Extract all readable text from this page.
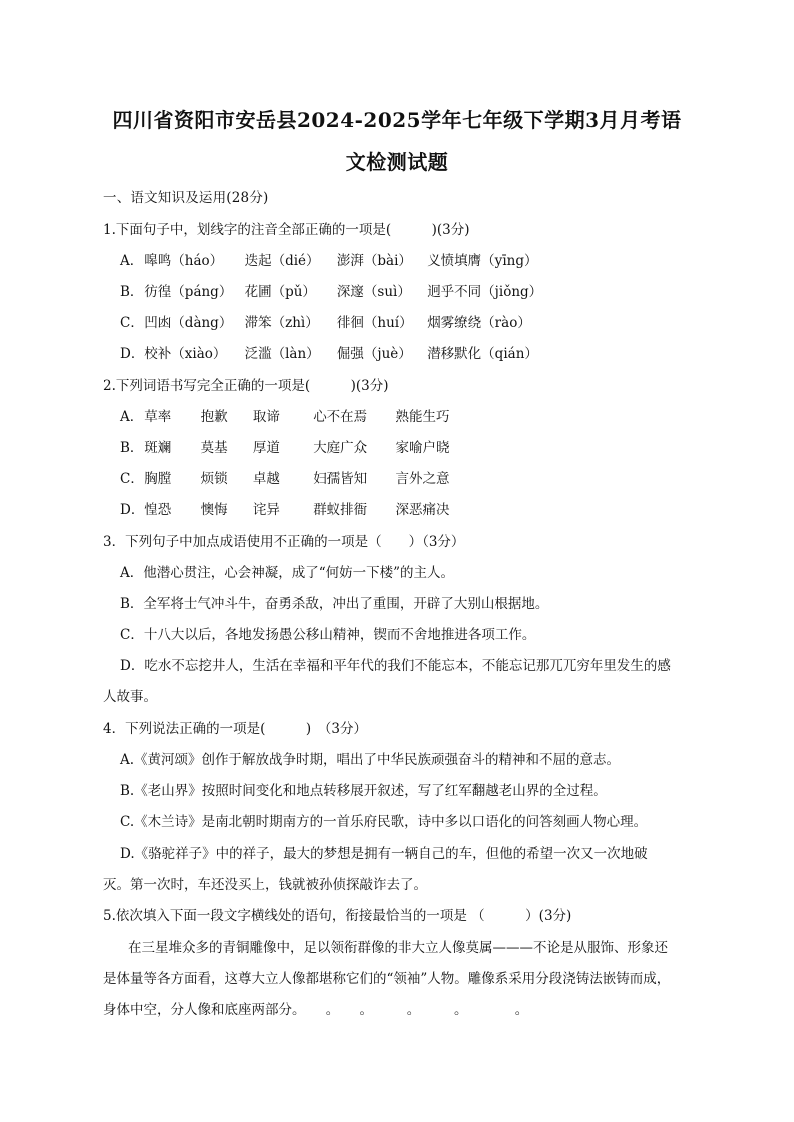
四川省资阳市安岳县2024-2025学年七年级下学期3月月考语
文检测试题
一、语文知识及运用(28分)
1.下面句子中，划线字的注音全部正确的一项是(　　　)(3分)
A． 嗥鸣（háo） 迭起（dié） 澎湃（bài） 义愤填膺（yīng）
B． 彷徨（páng） 花圃（pǔ） 深邃（suì） 迥乎不同（jiǒng）
C． 凹凼（dàng） 滞笨（zhì） 徘徊（huí） 烟雾缭绕（rào）
D． 校补（xiào） 泛滥（làn） 倔强（juè） 潜移默化（qián）
2.下列词语书写完全正确的一项是(　　　)(3分)
A． 草率 抱歉 取谛 心不在焉 熟能生巧
B． 斑斓 莫基 厚道 大庭广众 家喻户晓
C． 胸膛 烦锁 卓越 妇孺皆知 言外之意
D． 惶恐 懊悔 诧异 群蚁排衙 深恶痛决
3．下列句子中加点成语使用不正确的一项是（　　）（3分）
A．他潜心贯注，心会神凝，成了“何妨一下楼”的主人。
B．全军将士气冲斗牛，奋勇杀敌，冲出了重围，开辟了大别山根据地。
C．十八大以后，各地发扬愚公移山精神，锲而不舍地推进各项工作。
D．吃水不忘挖井人，生活在幸福和平年代的我们不能忘本，不能忘记那兀兀穷年里发生的感
人故事。
4．下列说法正确的一项是(　　　)　（3分）
A.《黄河颂》创作于解放战争时期，唱出了中华民族顽强奋斗的精神和不屈的意志。
B.《老山界》按照时间变化和地点转移展开叙述，写了红军翻越老山界的全过程。
C.《木兰诗》是南北朝时期南方的一首乐府民歌，诗中多以口语化的问答刻画人物心理。
D.《骆驼祥子》中的祥子，最大的梦想是拥有一辆自己的车，但他的希望一次又一次地破
灭。第一次时，车还没买上，钱就被孙侦探敲诈去了。
5.依次填入下面一段文字横线处的语句，衔接最恰当的一项是 （　　　）(3分)
在三星堆众多的青铜雕像中，足以领衔群像的非大立人像莫属———不论是从服饰、形象还
是体量等各方面看，这尊大立人像都堪称它们的“领袖”人物。雕像系采用分段浇铸法嵌铸而成，
身体中空，分人像和底座两部分。　　。　　。　　　。　　　。　　　　。
